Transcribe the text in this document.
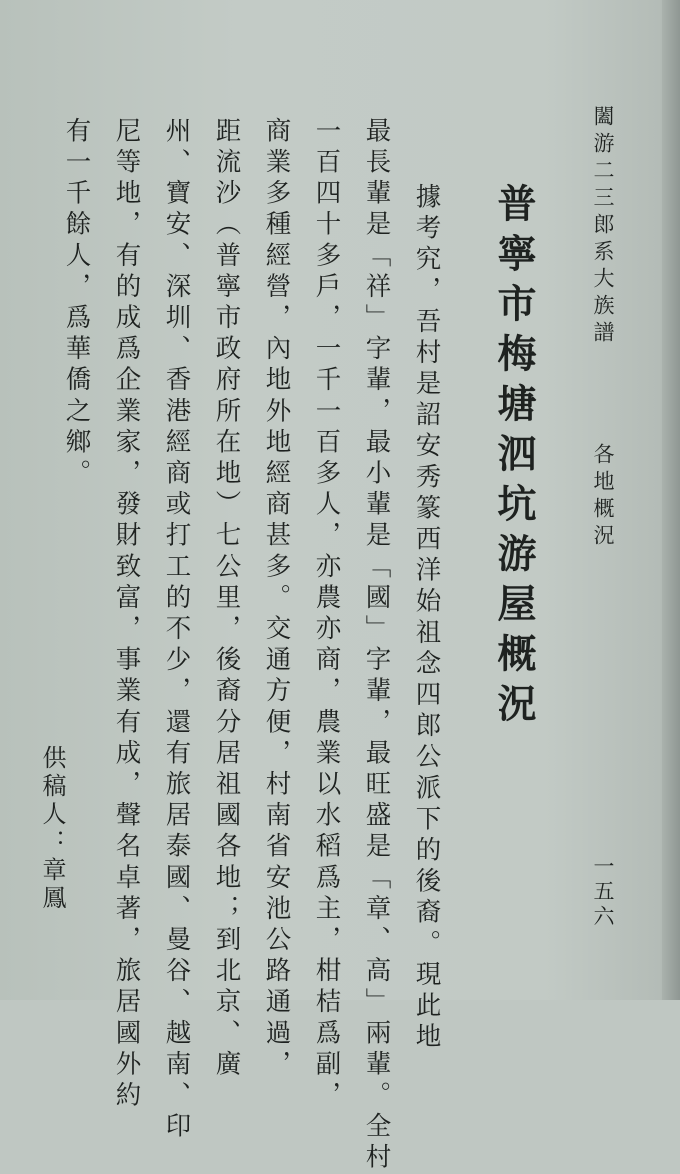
闔游二三郎系大族譜
各地概況
一五六
普寧市梅塘泗坑游屋概況
據考究，吾村是詔安秀篆西洋始祖念四郎公派下的後裔。現此地
最長輩是「祥」字輩，最小輩是「國」字輩，最旺盛是「章、高」兩輩。全村
一百四十多戶，一千一百多人，亦農亦商，農業以水稻爲主，柑桔爲副，
商業多種經營，內地外地經商甚多。交通方便，村南省安池公路通過，
距流沙（普寧市政府所在地）七公里，後裔分居祖國各地；到北京、廣
州、寶安、深圳、香港經商或打工的不少，還有旅居泰國、曼谷、越南、印
尼等地，有的成爲企業家，發財致富，事業有成，聲名卓著，旅居國外約
有一千餘人，爲華僑之鄉。
供稿人：章鳳
